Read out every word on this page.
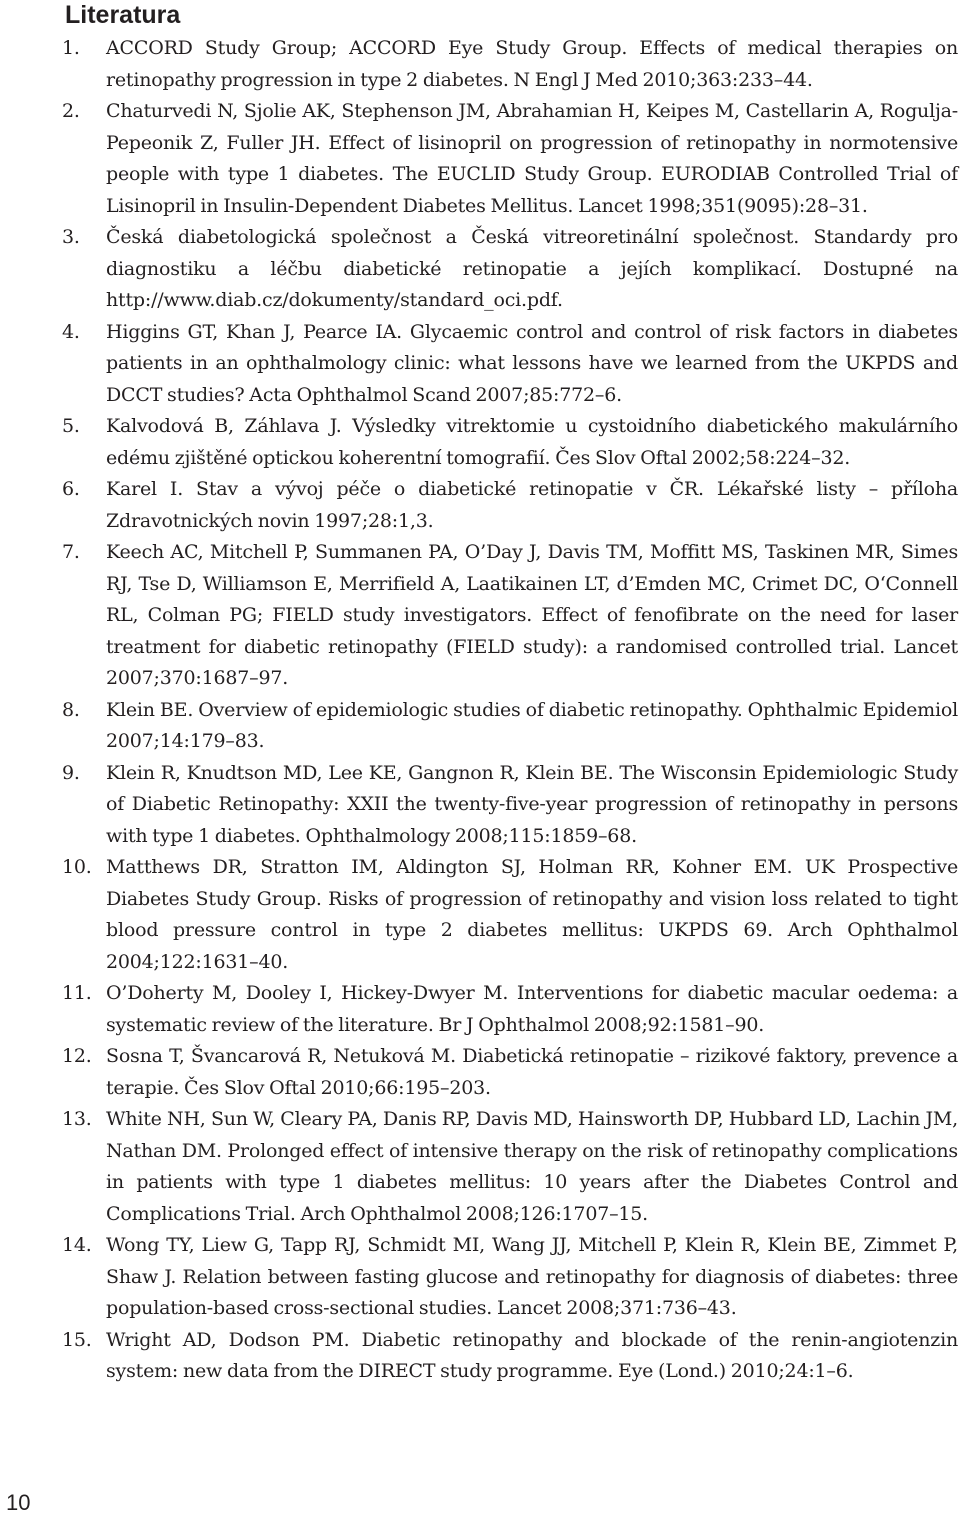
Literatura
1.	ACCORD Study Group; ACCORD Eye Study Group. Effects of medical therapies on retinopathy progression in type 2 diabetes. N Engl J Med 2010;363:233–44.
2.	Chaturvedi N, Sjolie AK, Stephenson JM, Abrahamian H, Keipes M, Castellarin A, Rogulja-Pepeonik Z, Fuller JH. Effect of lisinopril on progression of retinopathy in normotensive people with type 1 diabetes. The EUCLID Study Group. EURODIAB Controlled Trial of Lisinopril in Insulin-Dependent Diabetes Mellitus. Lancet 1998;351(9095):28–31.
3.	Česká diabetologická společnost a Česká vitreoretinální společnost. Standardy pro diagnostiku a léčbu diabetické retinopatie a jejích komplikací. Dostupné na http://www.diab.cz/dokumenty/standard_oci.pdf.
4.	Higgins GT, Khan J, Pearce IA. Glycaemic control and control of risk factors in diabetes patients in an ophthalmology clinic: what lessons have we learned from the UKPDS and DCCT studies? Acta Ophthalmol Scand 2007;85:772–6.
5.	Kalvodová B, Záhlava J. Výsledky vitrektomie u cystoidního diabetického makulárního edému zjištěné optickou koherentní tomografií. Čes Slov Oftal 2002;58:224–32.
6.	Karel I. Stav a vývoj péče o diabetické retinopatie v ČR. Lékařské listy – příloha Zdravotnických novin 1997;28:1,3.
7.	Keech AC, Mitchell P, Summanen PA, O’Day J, Davis TM, Moffitt MS, Taskinen MR, Simes RJ, Tse D, Williamson E, Merrifield A, Laatikainen LT, d’Emden MC, Crimet DC, O‘Connell RL, Colman PG; FIELD study investigators. Effect of fenofibrate on the need for laser treatment for diabetic retinopathy (FIELD study): a randomised controlled trial. Lancet 2007;370:1687–97.
8.	Klein BE. Overview of epidemiologic studies of diabetic retinopathy. Ophthalmic Epidemiol 2007;14:179–83.
9.	Klein R, Knudtson MD, Lee KE, Gangnon R, Klein BE. The Wisconsin Epidemiologic Study of Diabetic Retinopathy: XXII the twenty-five-year progression of retinopathy in persons with type 1 diabetes. Ophthalmology 2008;115:1859–68.
10. Matthews DR, Stratton IM, Aldington SJ, Holman RR, Kohner EM. UK Prospective Diabetes Study Group. Risks of progression of retinopathy and vision loss related to tight blood pressure control in type 2 diabetes mellitus: UKPDS 69. Arch Ophthalmol 2004;122:1631–40.
11. O’Doherty M, Dooley I, Hickey-Dwyer M. Interventions for diabetic macular oedema: a systematic review of the literature. Br J Ophthalmol 2008;92:1581–90.
12. Sosna T, Švancarová R, Netuková M. Diabetická retinopatie – rizikové faktory, prevence a terapie. Čes Slov Oftal 2010;66:195–203.
13. White NH, Sun W, Cleary PA, Danis RP, Davis MD, Hainsworth DP, Hubbard LD, Lachin JM, Nathan DM. Prolonged effect of intensive therapy on the risk of retinopathy complications in patients with type 1 diabetes mellitus: 10 years after the Diabetes Control and Complications Trial. Arch Ophthalmol 2008;126:1707–15.
14. Wong TY, Liew G, Tapp RJ, Schmidt MI, Wang JJ, Mitchell P, Klein R, Klein BE, Zimmet P, Shaw J. Relation between fasting glucose and retinopathy for diagnosis of diabetes: three population-based cross-sectional studies. Lancet 2008;371:736–43.
15. Wright AD, Dodson PM. Diabetic retinopathy and blockade of the renin-angiotenzin system: new data from the DIRECT study programme. Eye (Lond.) 2010;24:1–6.
10
